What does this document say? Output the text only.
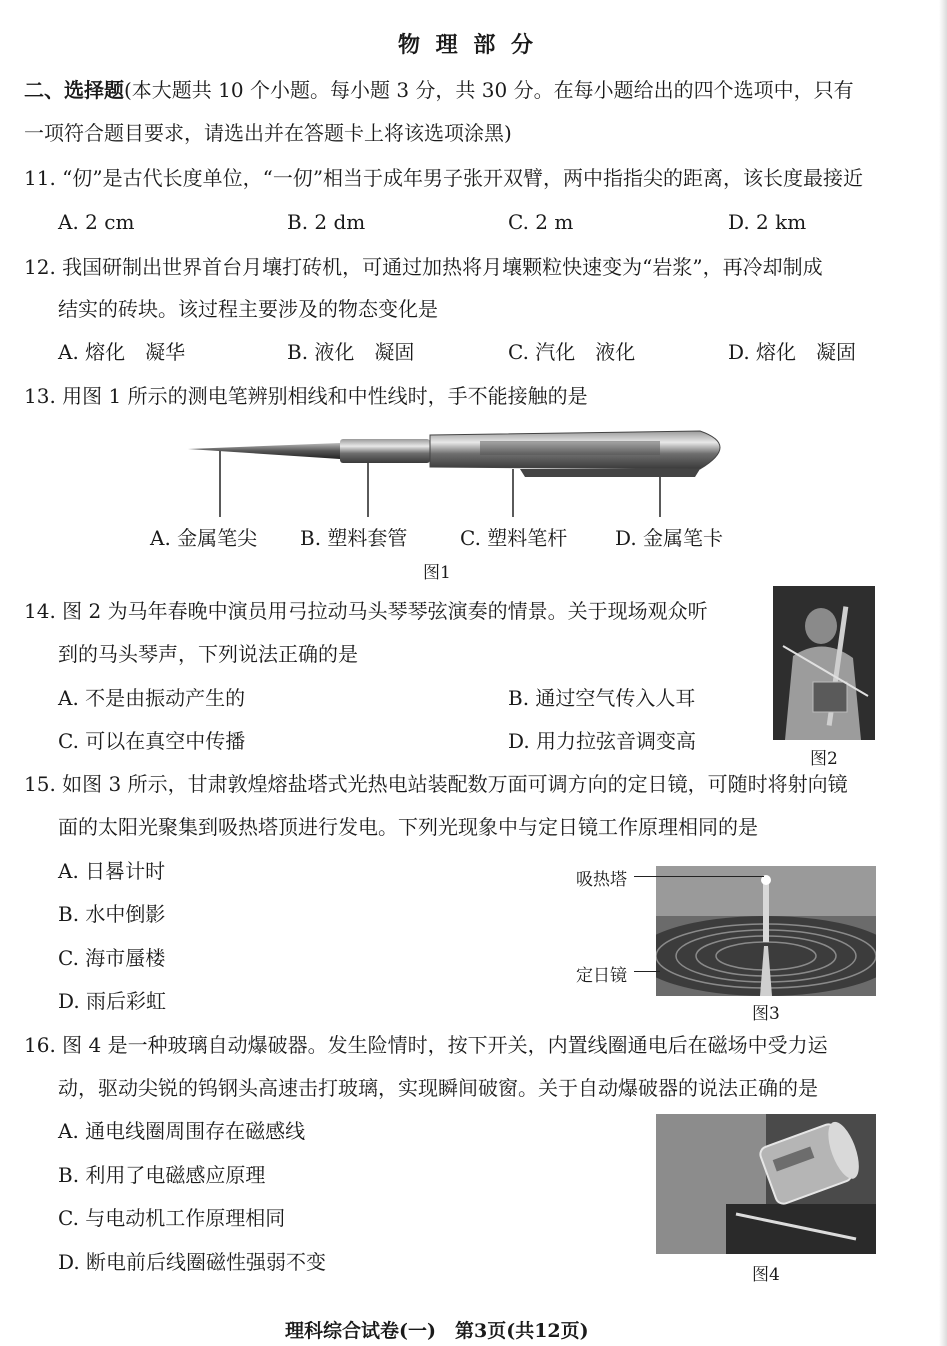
物 理 部 分
二、选择题(本大题共 10 个小题。每小题 3 分，共 30 分。在每小题给出的四个选项中，只有
一项符合题目要求，请选出并在答题卡上将该选项涂黑)
11. “仞”是古代长度单位，“一仞”相当于成年男子张开双臂，两中指指尖的距离，该长度最接近
A. 2 cm	B. 2 dm	C. 2 m	D. 2 km
12. 我国研制出世界首台月壤打砖机，可通过加热将月壤颗粒快速变为“岩浆”，再冷却制成
结实的砖块。该过程主要涉及的物态变化是
A. 熔化　凝华	B. 液化　凝固	C. 汽化　液化	D. 熔化　凝固
13. 用图 1 所示的测电笔辨别相线和中性线时，手不能接触的是
A. 金属笔尖 B. 塑料套管	C. 塑料笔杆 D. 金属笔卡
图1
14. 图 2 为马年春晚中演员用弓拉动马头琴琴弦演奏的情景。关于现场观众听
到的马头琴声，下列说法正确的是
A. 不是由振动产生的	B. 通过空气传入人耳
C. 可以在真空中传播	D. 用力拉弦音调变高
图2
15. 如图 3 所示，甘肃敦煌熔盐塔式光热电站装配数万面可调方向的定日镜，可随时将射向镜
面的太阳光聚集到吸热塔顶进行发电。下列光现象中与定日镜工作原理相同的是
A. 日晷计时
B. 水中倒影
C. 海市蜃楼
D. 雨后彩虹
吸热塔
定日镜
图3
16. 图 4 是一种玻璃自动爆破器。发生险情时，按下开关，内置线圈通电后在磁场中受力运
动，驱动尖锐的钨钢头高速击打玻璃，实现瞬间破窗。关于自动爆破器的说法正确的是
A. 通电线圈周围存在磁感线
B. 利用了电磁感应原理
C. 与电动机工作原理相同
D. 断电前后线圈磁性强弱不变
图4
理科综合试卷(一)　第3页(共12页)
